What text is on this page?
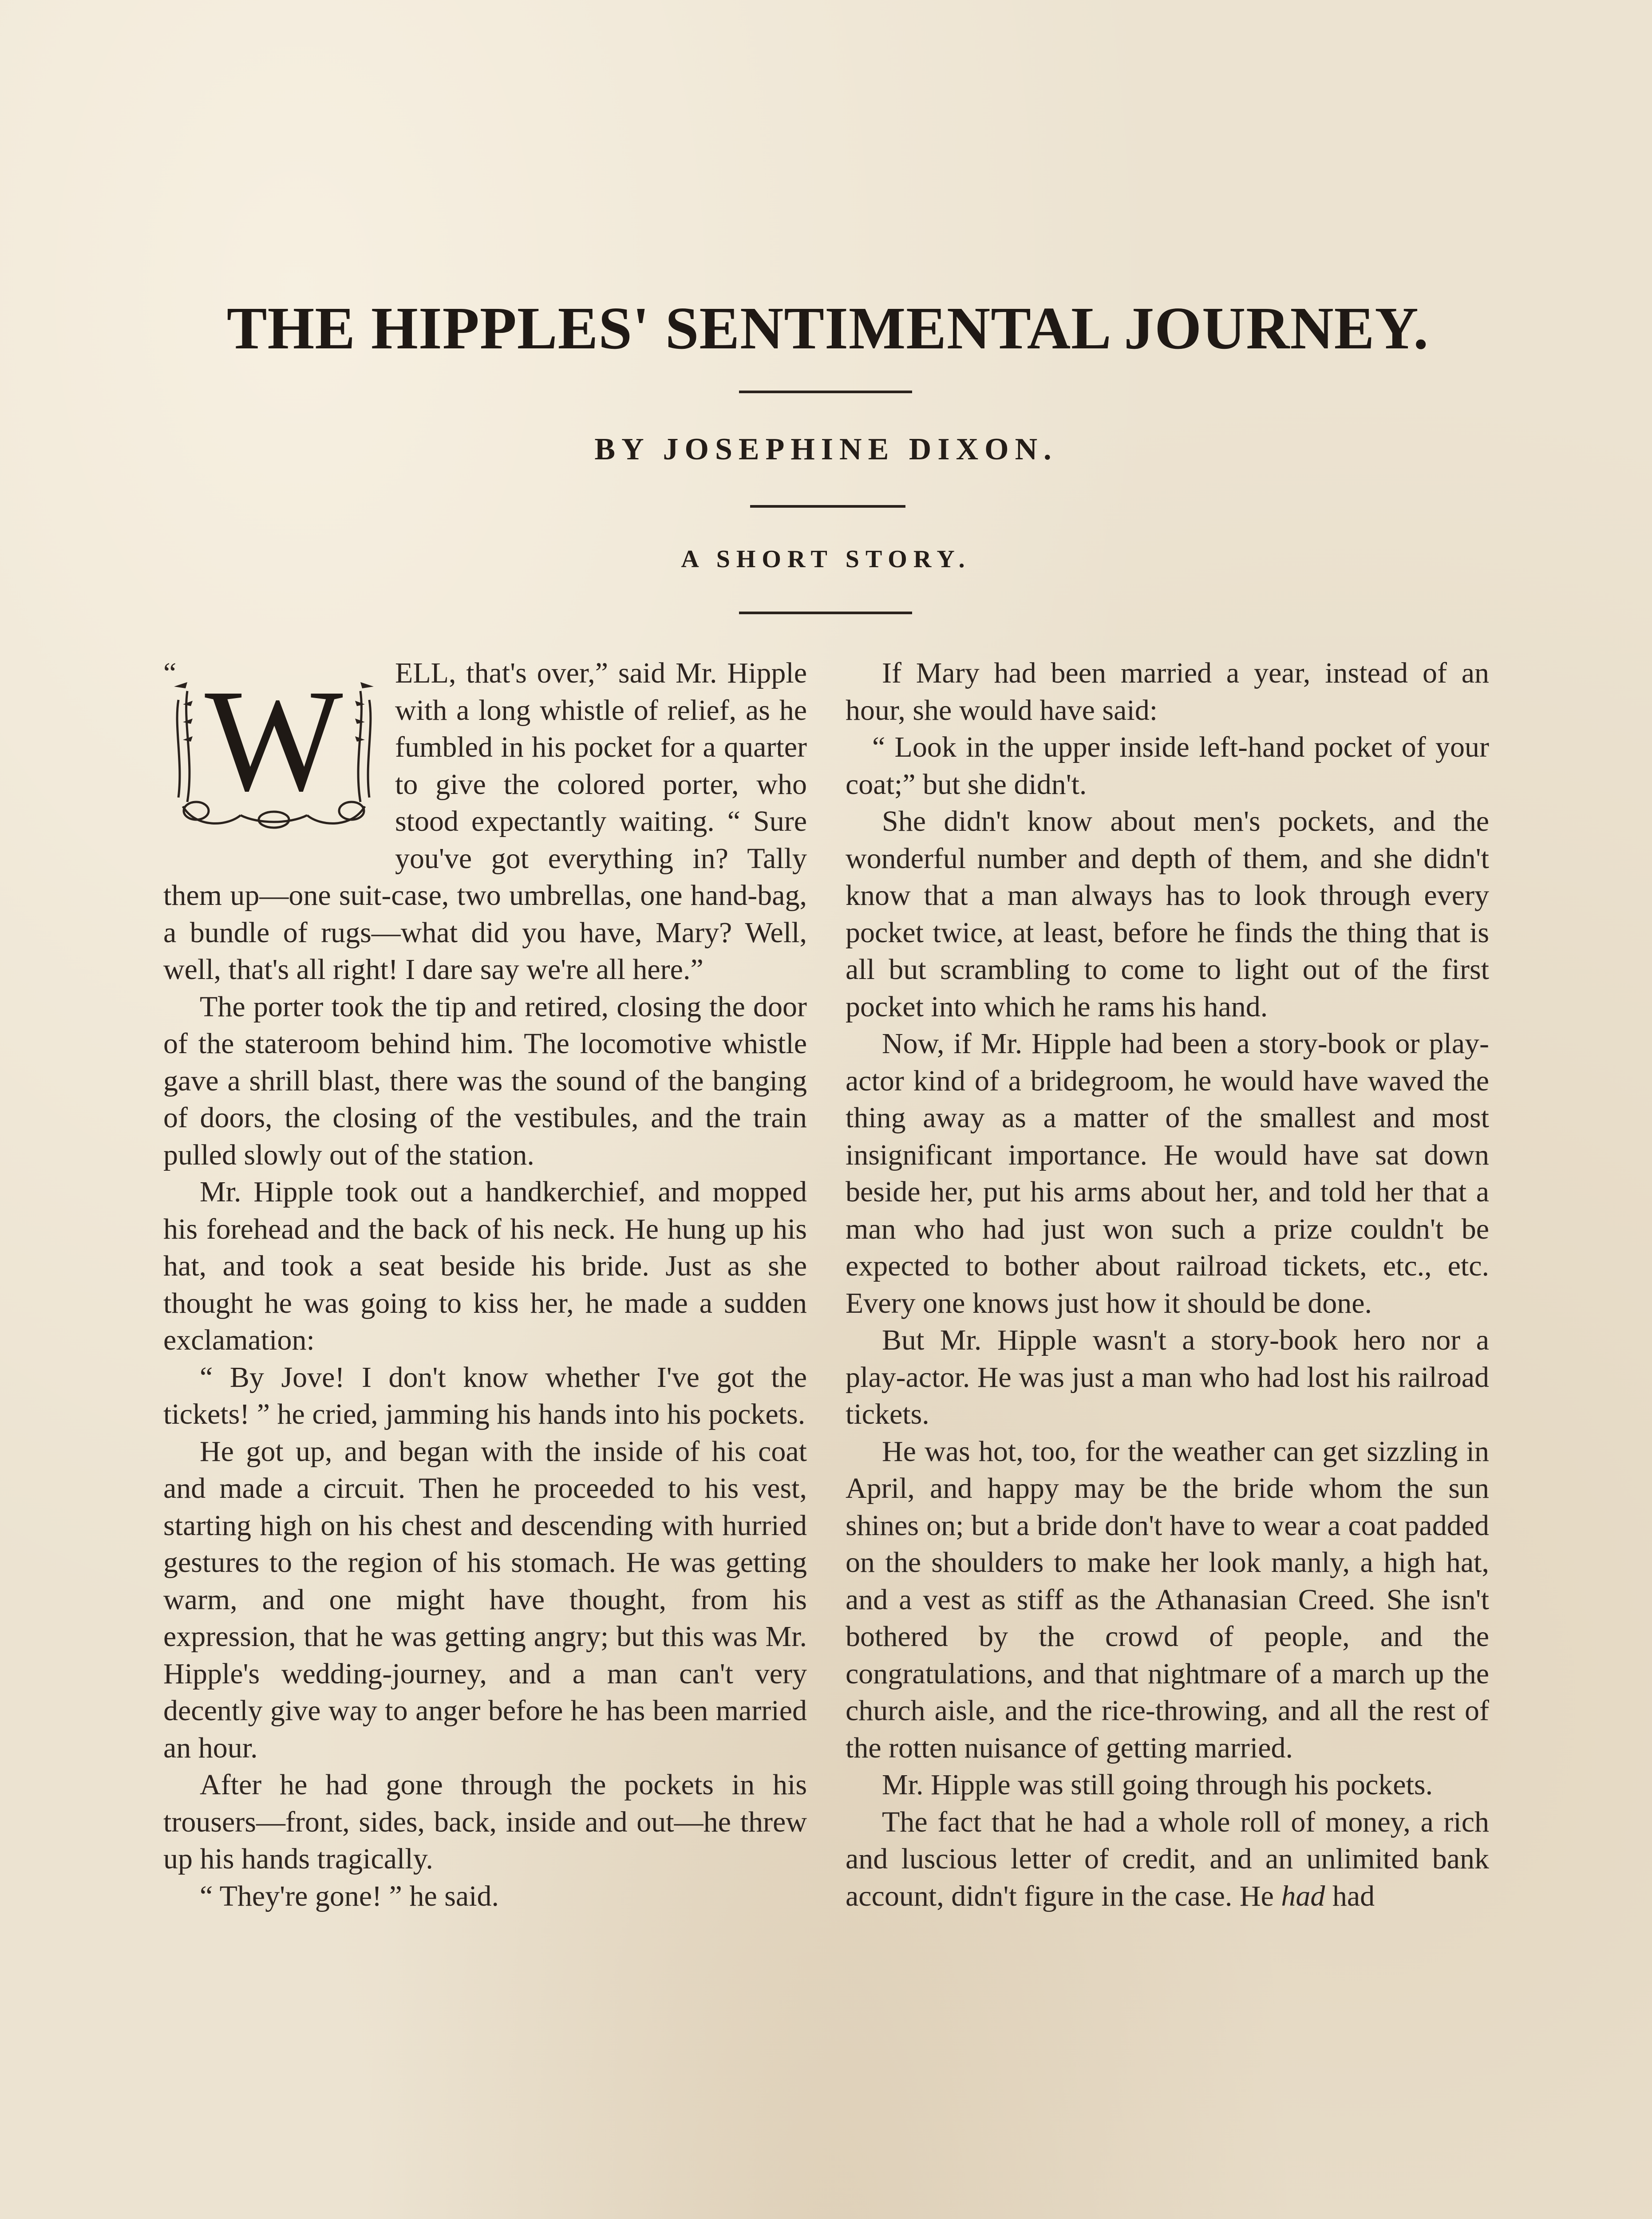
THE HIPPLES' SENTIMENTAL JOURNEY.
BY JOSEPHINE DIXON.
A SHORT STORY.
“ W	ELL, that's over,” said Mr. Hipple with a long whistle of relief, as he fumbled in his pocket for a quarter to give the colored porter, who stood expectantly waiting. “ Sure you've got everything in? Tally them up—one suit-case, two umbrellas, one hand-bag, a bundle of rugs—what did you have, Mary? Well, well, that's all right! I dare say we're all here.”

The porter took the tip and retired, closing the door of the stateroom behind him. The locomotive whistle gave a shrill blast, there was the sound of the banging of doors, the closing of the vestibules, and the train pulled slowly out of the station.

Mr. Hipple took out a handkerchief, and mopped his forehead and the back of his neck. He hung up his hat, and took a seat beside his bride. Just as she thought he was going to kiss her, he made a sudden exclamation:

“ By Jove! I don't know whether I've got the tickets! ” he cried, jamming his hands into his pockets.

He got up, and began with the inside of his coat and made a circuit. Then he proceeded to his vest, starting high on his chest and descending with hurried gestures to the region of his stomach. He was getting warm, and one might have thought, from his expression, that he was getting angry; but this was Mr. Hipple's wedding-journey, and a man can't very decently give way to anger before he has been married an hour.

After he had gone through the pockets in his trousers—front, sides, back, inside and out—he threw up his hands tragically.

“ They're gone! ” he said.

If Mary had been married a year, instead of an hour, she would have said:

“ Look in the upper inside left-hand pocket of your coat;” but she didn't.

She didn't know about men's pockets, and the wonderful number and depth of them, and she didn't know that a man always has to look through every pocket twice, at least, before he finds the thing that is all but scrambling to come to light out of the first pocket into which he rams his hand.

Now, if Mr. Hipple had been a story-book or play-actor kind of a bridegroom, he would have waved the thing away as a matter of the smallest and most insignificant importance. He would have sat down beside her, put his arms about her, and told her that a man who had just won such a prize couldn't be expected to bother about railroad tickets, etc., etc. Every one knows just how it should be done.

But Mr. Hipple wasn't a story-book hero nor a play-actor. He was just a man who had lost his railroad tickets.

He was hot, too, for the weather can get sizzling in April, and happy may be the bride whom the sun shines on; but a bride don't have to wear a coat padded on the shoulders to make her look manly, a high hat, and a vest as stiff as the Athanasian Creed. She isn't bothered by the crowd of people, and the congratulations, and that nightmare of a march up the church aisle, and the rice-throwing, and all the rest of the rotten nuisance of getting married.

Mr. Hipple was still going through his pockets.

The fact that he had a whole roll of money, a rich and luscious letter of credit, and an unlimited bank account, didn't figure in the case. He had had
